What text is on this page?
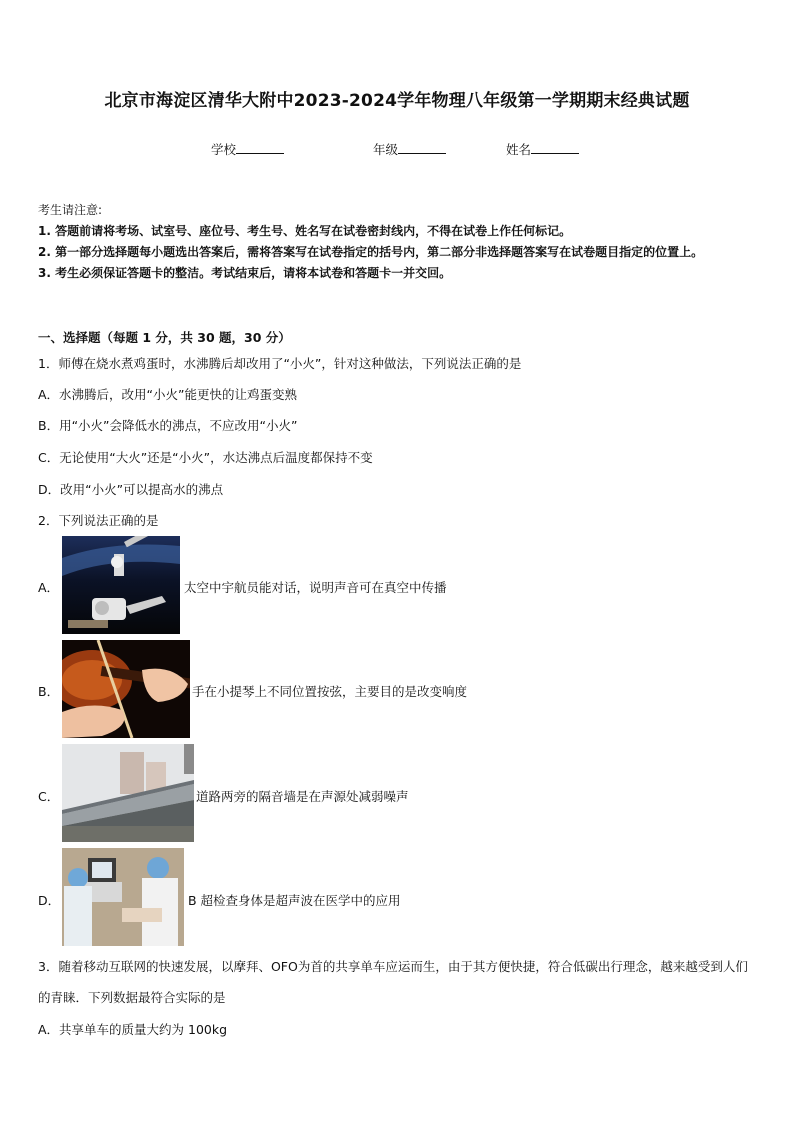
北京市海淀区清华大附中2023-2024学年物理八年级第一学期期末经典试题
学校	年级	姓名
考生请注意:
1. 答题前请将考场、试室号、座位号、考生号、姓名写在试卷密封线内，不得在试卷上作任何标记。
2. 第一部分选择题每小题选出答案后，需将答案写在试卷指定的括号内，第二部分非选择题答案写在试卷题目指定的位置上。
3. 考生必须保证答题卡的整洁。考试结束后，请将本试卷和答题卡一并交回。
一、选择题（每题 1 分，共 30 题，30 分）
1．师傅在烧水煮鸡蛋时，水沸腾后却改用了“小火”，针对这种做法，下列说法正确的是
A．水沸腾后，改用“小火”能更快的让鸡蛋变熟
B．用“小火”会降低水的沸点，不应改用“小火”
C．无论使用“大火”还是“小火”，水达沸点后温度都保持不变
D．改用“小火”可以提高水的沸点
2．下列说法正确的是
A．	太空中宇航员能对话，说明声音可在真空中传播
B．	手在小提琴上不同位置按弦，主要目的是改变响度
C．	道路两旁的隔音墙是在声源处减弱噪声
D．	B 超检查身体是超声波在医学中的应用
3．随着移动互联网的快速发展，以摩拜、OFO为首的共享单车应运而生，由于其方便快捷，符合低碳出行理念，越来越受到人们的青睐．下列数据最符合实际的是
A．共享单车的质量大约为 100kg
